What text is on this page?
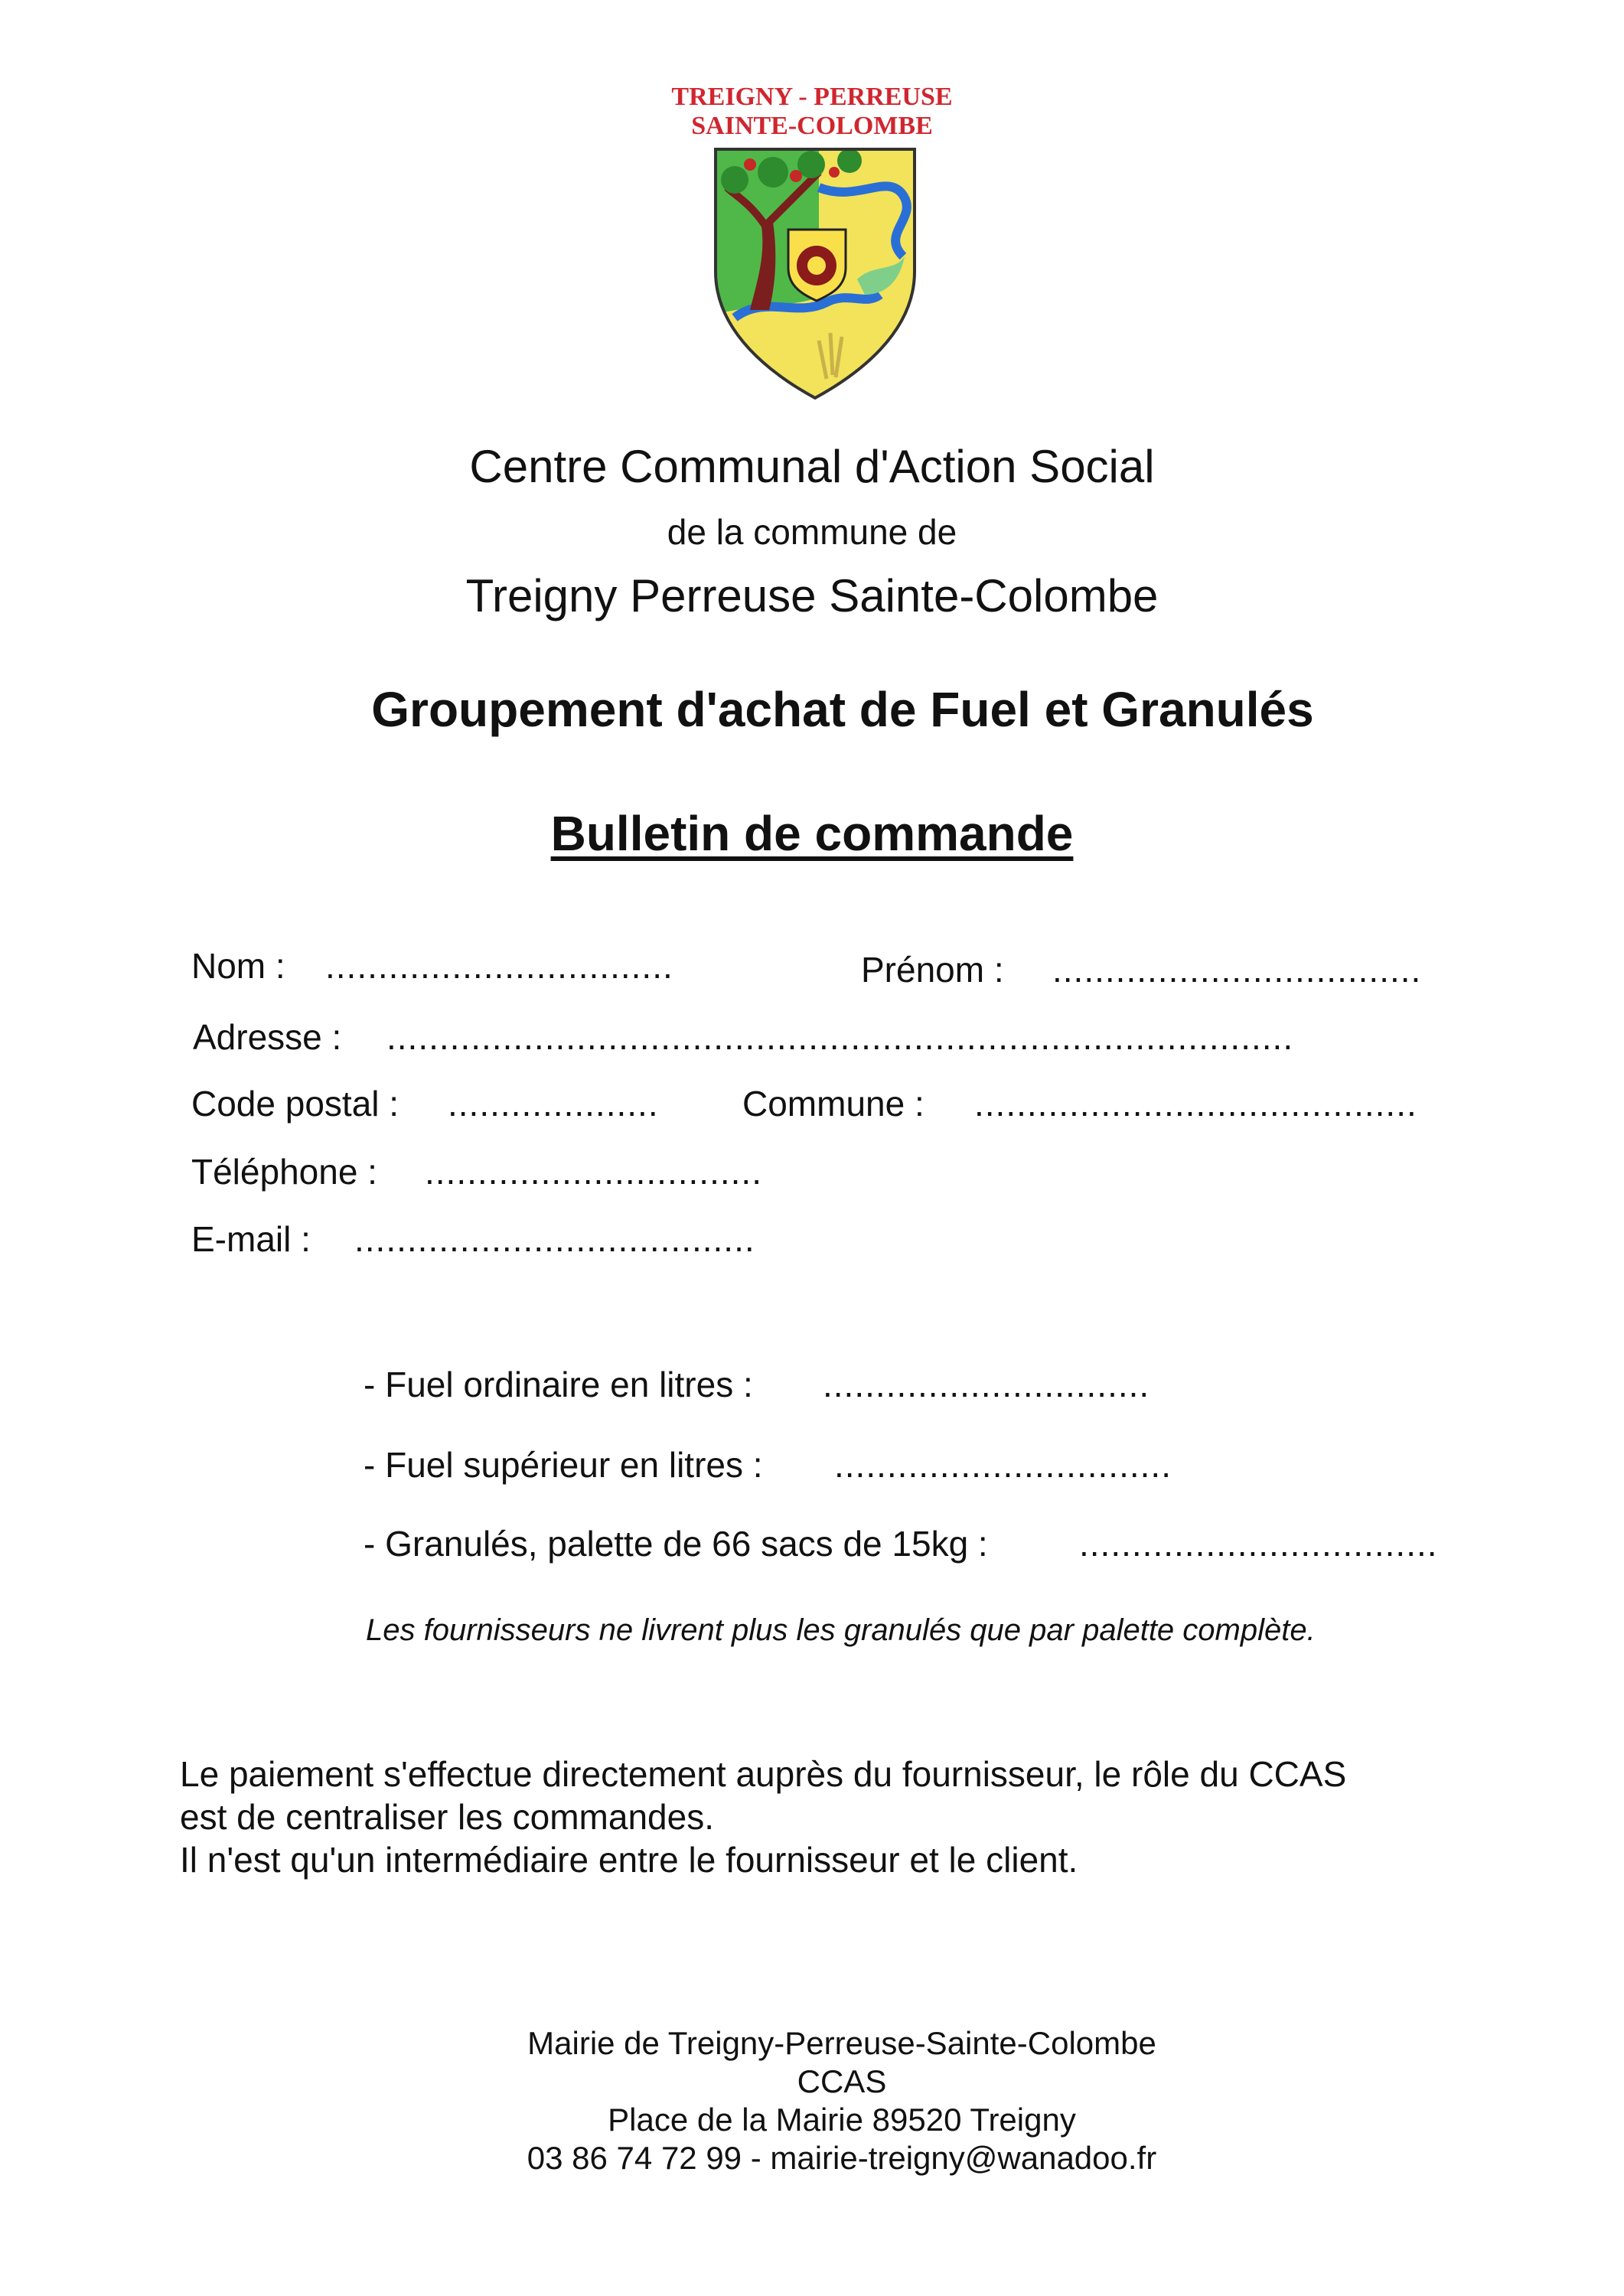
TREIGNY - PERREUSE
SAINTE-COLOMBE
Centre Communal d'Action Social
de la commune de
Treigny Perreuse Sainte-Colombe
Groupement d'achat de Fuel et Granulés
Bulletin de commande
Nom : .................................	Prénom : ...................................
Adresse : ......................................................................................
Code postal : .................... Commune : ..........................................
Téléphone : ................................
E-mail : ......................................
- Fuel ordinaire en litres : ...............................
- Fuel supérieur en litres : ................................
- Granulés, palette de 66 sacs de 15kg :	..................................
Les fournisseurs ne livrent plus les granulés que par palette complète.
Le paiement s'effectue directement auprès du fournisseur, le rôle du CCAS
est de centraliser les commandes.
Il n'est qu'un intermédiaire entre le fournisseur et le client.
Mairie de Treigny-Perreuse-Sainte-Colombe
CCAS
Place de la Mairie 89520 Treigny
03 86 74 72 99 - mairie-treigny@wanadoo.fr
